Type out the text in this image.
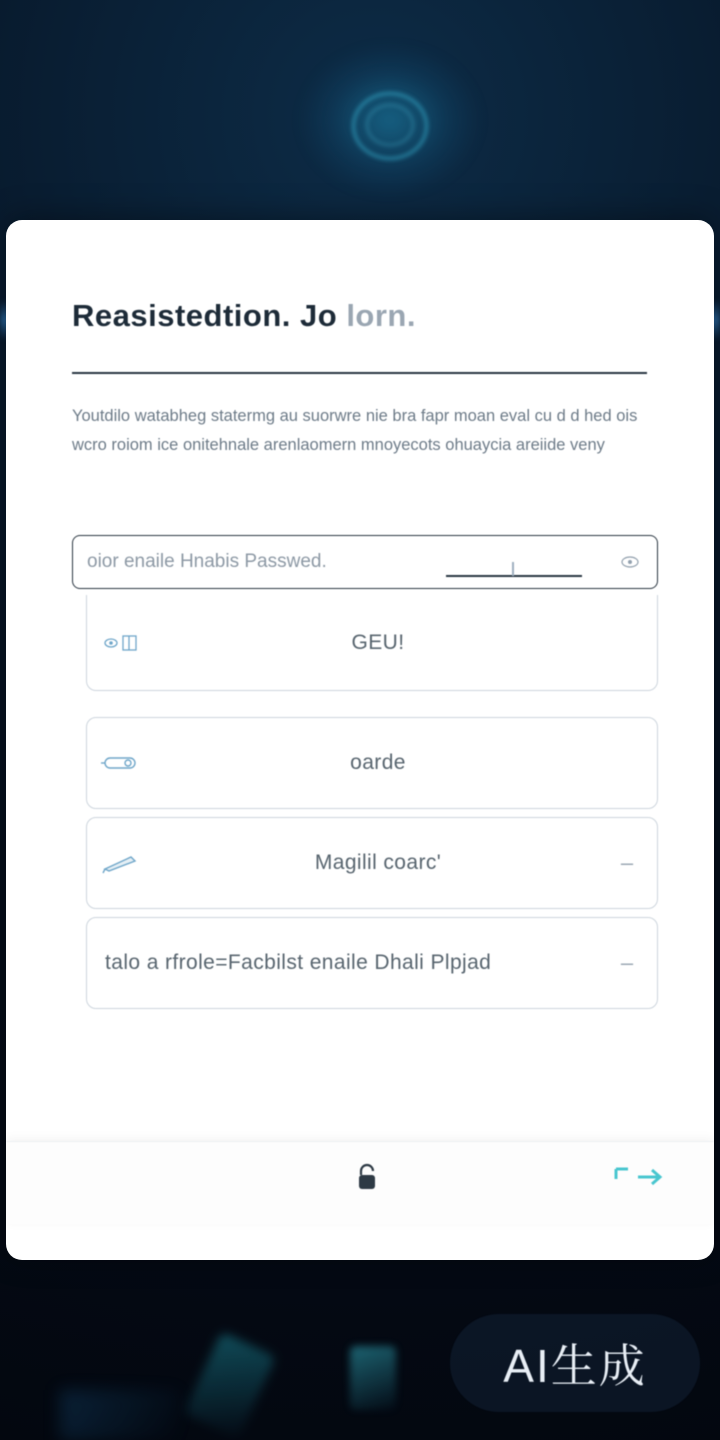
AI生成
Reasistedtion. Jo lorn.
Youtdilo watabheg statermg au suorwre nie bra fapr moan eval cu d d hed ois wcro roiom ice onitehnale arenlaomern mnoyecots ohuayciа areiide veny
oior enaile Hnabis Passwed.
GEU!
oarde
Magilil coarc'	–
tаlо a rfrole=Facbilst enaile Dhali Plpjad	–
